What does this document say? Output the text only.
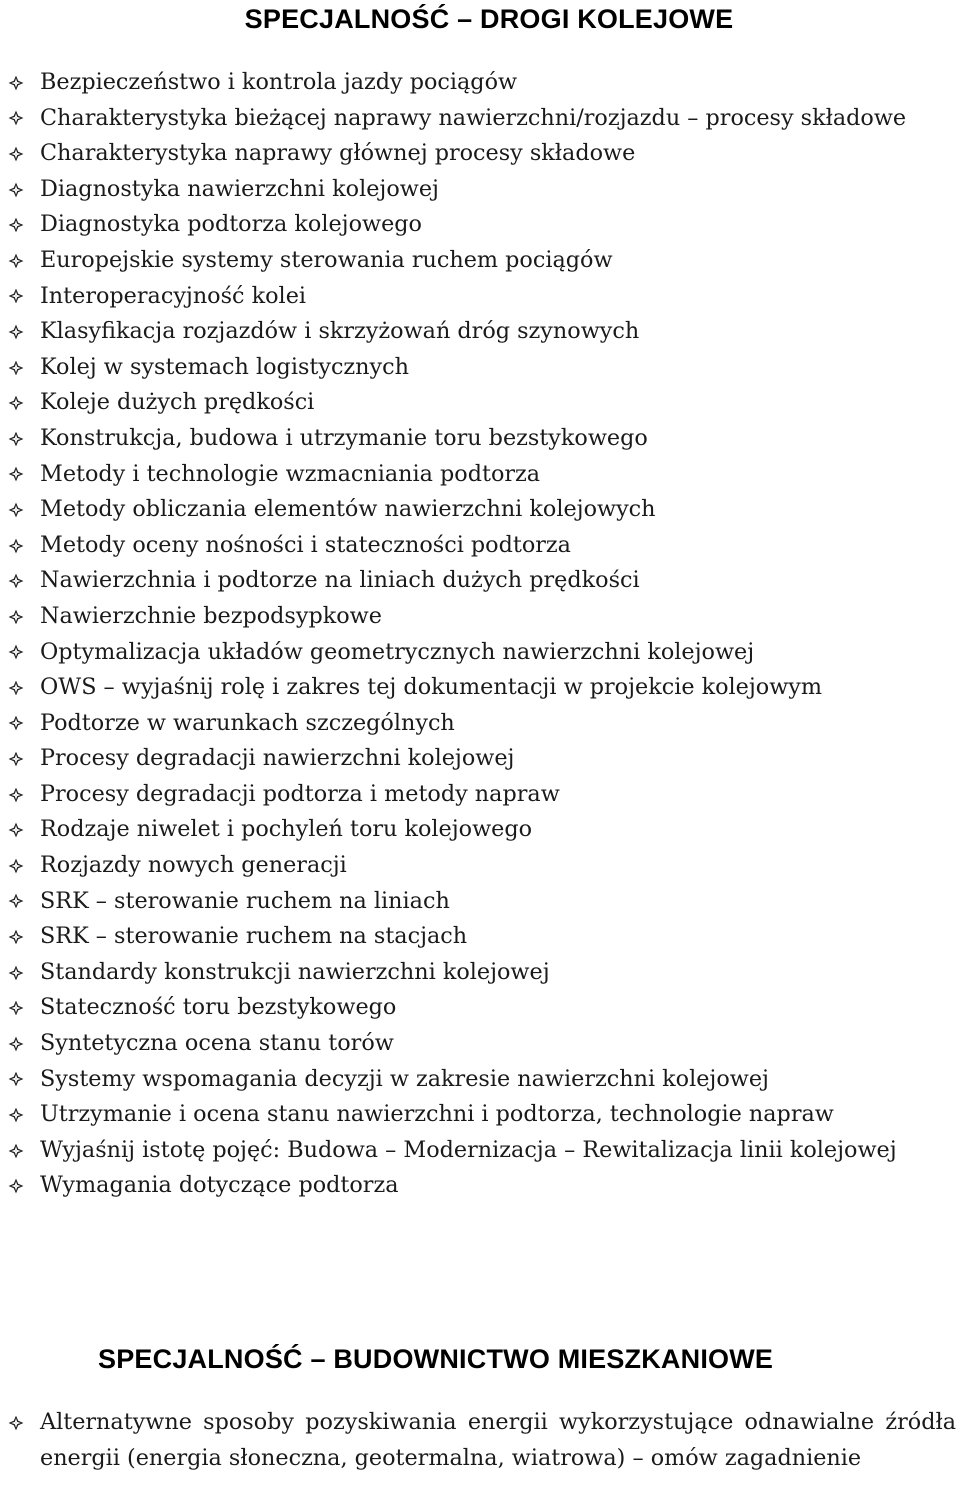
SPECJALNOŚĆ – DROGI KOLEJOWE
Bezpieczeństwo i kontrola jazdy pociągów
Charakterystyka bieżącej naprawy nawierzchni/rozjazdu – procesy składowe
Charakterystyka naprawy głównej procesy składowe
Diagnostyka nawierzchni kolejowej
Diagnostyka podtorza kolejowego
Europejskie systemy sterowania ruchem pociągów
Interoperacyjność kolei
Klasyfikacja rozjazdów i skrzyżowań dróg szynowych
Kolej w systemach logistycznych
Koleje dużych prędkości
Konstrukcja, budowa i utrzymanie toru bezstykowego
Metody i technologie wzmacniania podtorza
Metody obliczania elementów nawierzchni kolejowych
Metody oceny nośności i stateczności podtorza
Nawierzchnia i podtorze na liniach dużych prędkości
Nawierzchnie bezpodsypkowe
Optymalizacja układów geometrycznych nawierzchni kolejowej
OWS – wyjaśnij rolę i zakres tej dokumentacji w projekcie kolejowym
Podtorze w warunkach szczególnych
Procesy degradacji nawierzchni kolejowej
Procesy degradacji podtorza i metody napraw
Rodzaje niwelet i pochyleń toru kolejowego
Rozjazdy nowych generacji
SRK – sterowanie ruchem na liniach
SRK – sterowanie ruchem na stacjach
Standardy konstrukcji nawierzchni kolejowej
Stateczność toru bezstykowego
Syntetyczna ocena stanu torów
Systemy wspomagania decyzji w zakresie nawierzchni kolejowej
Utrzymanie i ocena stanu nawierzchni i podtorza, technologie napraw
Wyjaśnij istotę pojęć: Budowa – Modernizacja – Rewitalizacja linii kolejowej
Wymagania dotyczące podtorza
SPECJALNOŚĆ – BUDOWNICTWO MIESZKANIOWE
Alternatywne sposoby pozyskiwania energii wykorzystujące odnawialne źródła energii (energia słoneczna, geotermalna, wiatrowa) – omów zagadnienie
